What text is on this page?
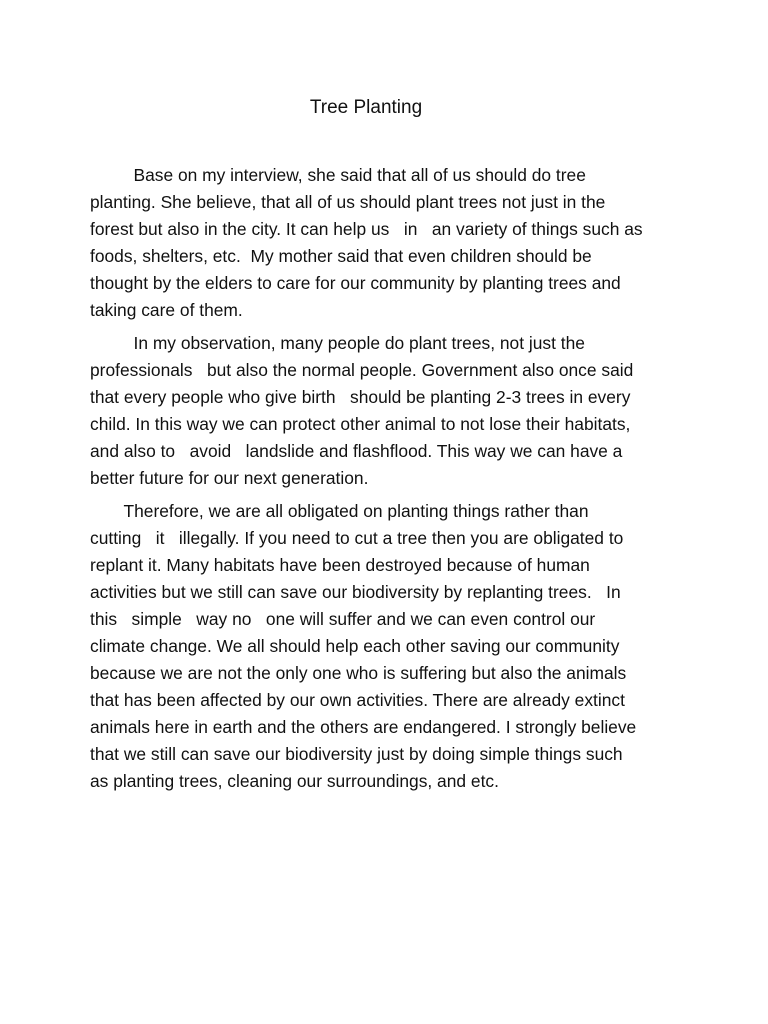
Tree Planting

Base on my interview, she said that all of us should do tree
planting. She believe, that all of us should plant trees not just in the
forest but also in the city. It can help us   in   an variety of things such as
foods, shelters, etc.  My mother said that even children should be
thought by the elders to care for our community by planting trees and
taking care of them.

In my observation, many people do plant trees, not just the
professionals   but also the normal people. Government also once said
that every people who give birth   should be planting 2-3 trees in every
child. In this way we can protect other animal to not lose their habitats,
and also to   avoid   landslide and flashflood. This way we can have a
better future for our next generation.

Therefore, we are all obligated on planting things rather than
cutting   it   illegally. If you need to cut a tree then you are obligated to
replant it. Many habitats have been destroyed because of human
activities but we still can save our biodiversity by replanting trees.   In
this   simple   way no   one will suffer and we can even control our
climate change. We all should help each other saving our community
because we are not the only one who is suffering but also the animals
that has been affected by our own activities. There are already extinct
animals here in earth and the others are endangered. I strongly believe
that we still can save our biodiversity just by doing simple things such
as planting trees, cleaning our surroundings, and etc.
